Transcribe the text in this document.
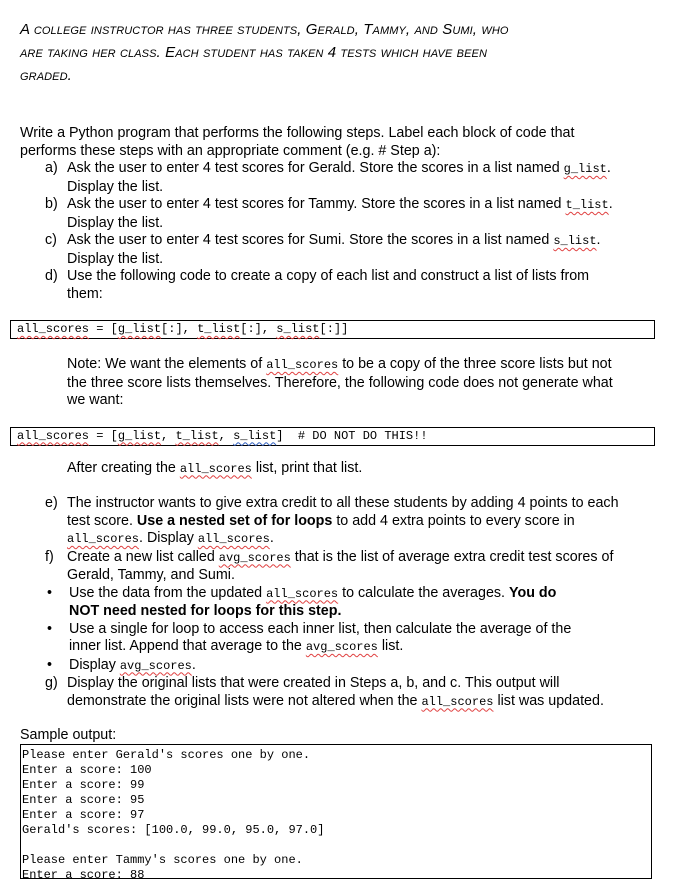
A college instructor has three students, Gerald, Tammy, and Sumi, who
are taking her class. Each student has taken 4 tests which have been
graded.
Write a Python program that performs the following steps. Label each block of code that
performs these steps with an appropriate comment (e.g. # Step a):
a) Ask the user to enter 4 test scores for Gerald. Store the scores in a list named g_list.
Display the list.
b) Ask the user to enter 4 test scores for Tammy. Store the scores in a list named t_list.
Display the list.
c) Ask the user to enter 4 test scores for Sumi. Store the scores in a list named s_list.
Display the list.
d) Use the following code to create a copy of each list and construct a list of lists from
them:
all_scores = [g_list[:], t_list[:], s_list[:]]
Note: We want the elements of all_scores to be a copy of the three score lists but not
the three score lists themselves. Therefore, the following code does not generate what
we want:
all_scores = [g_list, t_list, s_list]  # DO NOT DO THIS!!
After creating the all_scores list, print that list.
e) The instructor wants to give extra credit to all these students by adding 4 points to each
test score. Use a nested set of for loops to add 4 extra points to every score in
all_scores. Display all_scores.
f) Create a new list called avg_scores that is the list of average extra credit test scores of
Gerald, Tammy, and Sumi.
• Use the data from the updated all_scores to calculate the averages. You do
NOT need nested for loops for this step.
• Use a single for loop to access each inner list, then calculate the average of the
inner list. Append that average to the avg_scores list.
• Display avg_scores.
g) Display the original lists that were created in Steps a, b, and c. This output will
demonstrate the original lists were not altered when the all_scores list was updated.
Sample output:
Please enter Gerald's scores one by one.
Enter a score: 100
Enter a score: 99
Enter a score: 95
Enter a score: 97
Gerald's scores: [100.0, 99.0, 95.0, 97.0]

Please enter Tammy's scores one by one.
Enter a score: 88
